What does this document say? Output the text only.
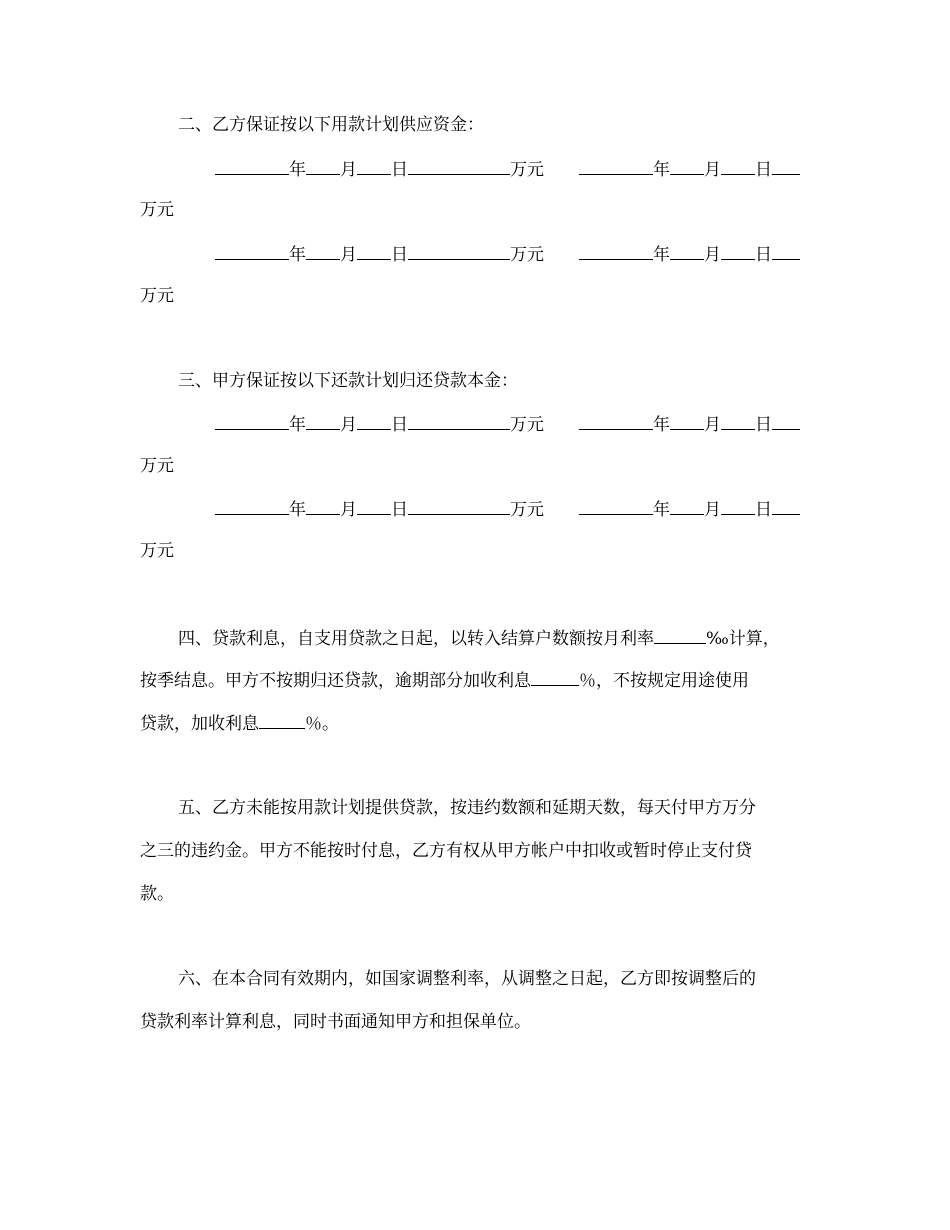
二、乙方保证按以下用款计划供应资金：
年 月 日	万元	年 月 日
万元
年 月 日	万元	年 月 日
万元
三、甲方保证按以下还款计划归还贷款本金：
年 月 日	万元	年 月 日
万元
年 月 日	万元	年 月 日
万元
四、贷款利息，自支用贷款之日起，以转入结算户数额按月利率	‰计算，
按季结息。甲方不按期归还贷款，逾期部分加收利息	％，不按规定用途使用
贷款，加收利息	％。
五、乙方未能按用款计划提供贷款，按违约数额和延期天数，每天付甲方万分
之三的违约金。甲方不能按时付息，乙方有权从甲方帐户中扣收或暂时停止支付贷
款。
六、在本合同有效期内，如国家调整利率，从调整之日起，乙方即按调整后的
贷款利率计算利息，同时书面通知甲方和担保单位。
